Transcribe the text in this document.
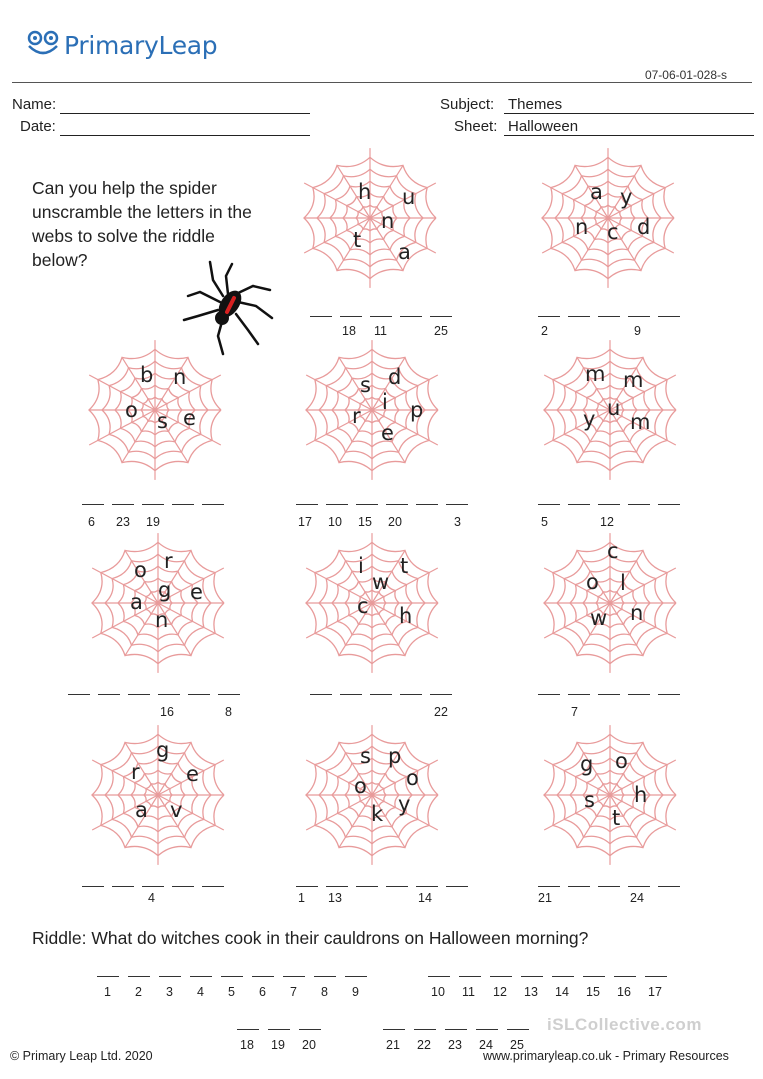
PrimaryLeap
07-06-01-028-s
Name:
Date:
Subject: Themes
Sheet: Halloween
Can you help the spider unscramble the letters in the webs to solve the riddle below?
h u
n
t a
18 11	25
a y
n c d
2	9
b n
o s e
6 23 19
s d
r
i p
e
17 10 15 20	3
m m
y u
m
5	12
o r
a g e
n
16	8
i t
w
c h
22
c
o l
w n
7
g
r e
a v
4
s p
o o
k y
1 13	14
g o
s h
t
21	24
Riddle: What do witches cook in their cauldrons on Halloween morning?
1 2 3 4 5 6 7 8 9	10 11 12 13 14 15 16 17
18 19 20	21 22 23 24 25
iSLCollective.com
© Primary Leap Ltd. 2020	www.primaryleap.co.uk - Primary Resources
